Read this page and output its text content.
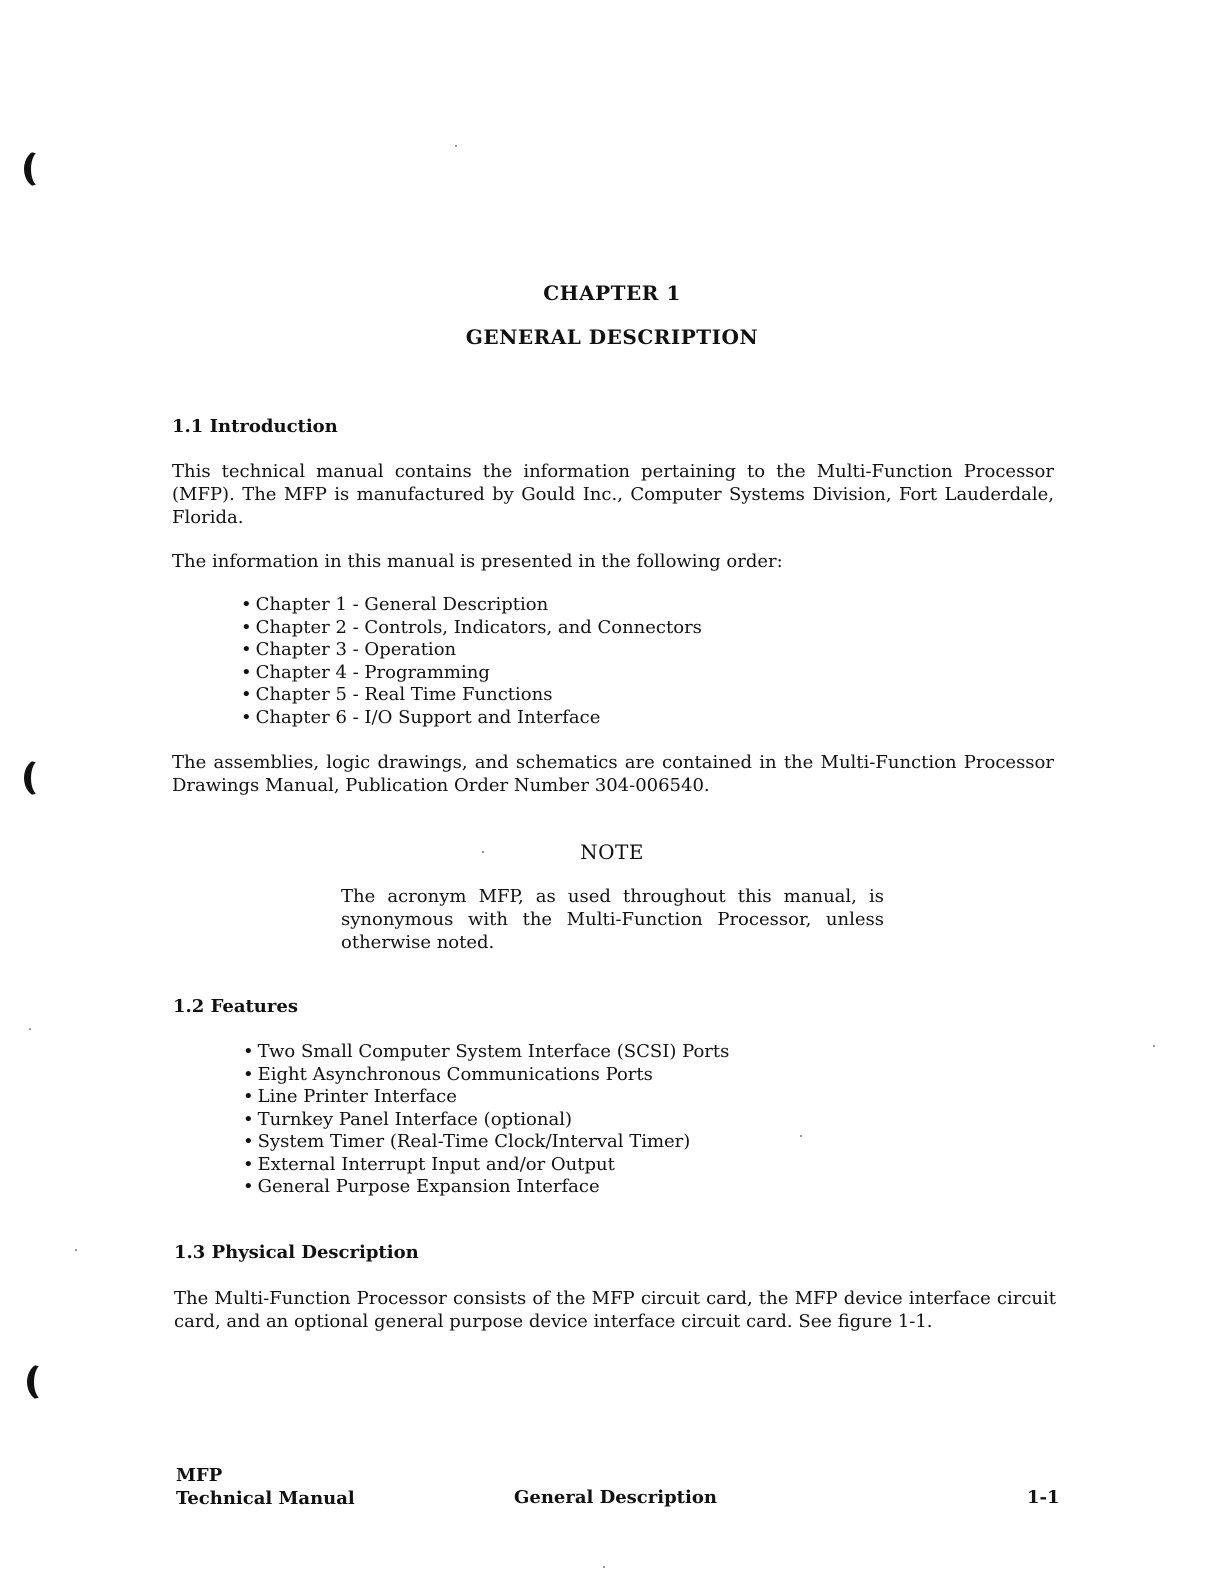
CHAPTER 1
GENERAL DESCRIPTION
1.1 Introduction
This technical manual contains the information pertaining to the Multi-Function Processor (MFP). The MFP is manufactured by Gould Inc., Computer Systems Division, Fort Lauderdale, Florida.
The information in this manual is presented in the following order:
• Chapter 1 - General Description
• Chapter 2 - Controls, Indicators, and Connectors
• Chapter 3 - Operation
• Chapter 4 - Programming
• Chapter 5 - Real Time Functions
• Chapter 6 - I/O Support and Interface
The assemblies, logic drawings, and schematics are contained in the Multi-Function Processor Drawings Manual, Publication Order Number 304-006540.
NOTE
The acronym MFP, as used throughout this manual, is synonymous with the Multi-Function Processor, unless otherwise noted.
1.2 Features
• Two Small Computer System Interface (SCSI) Ports
• Eight Asynchronous Communications Ports
• Line Printer Interface
• Turnkey Panel Interface (optional)
• System Timer (Real-Time Clock/Interval Timer)
• External Interrupt Input and/or Output
• General Purpose Expansion Interface
1.3 Physical Description
The Multi-Function Processor consists of the MFP circuit card, the MFP device interface circuit card, and an optional general purpose device interface circuit card. See figure 1-1.
MFP
Technical Manual	General Description	1-1
